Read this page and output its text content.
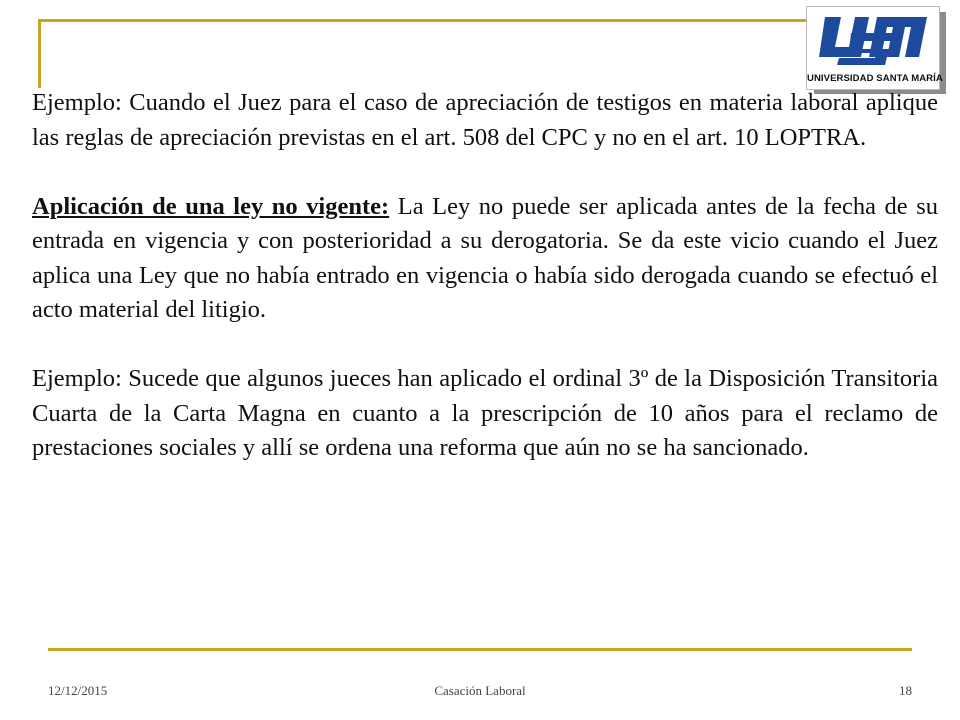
UNIVERSIDAD SANTA MARÍA

Ejemplo: Cuando el Juez para el caso de apreciación de testigos en materia laboral aplique las reglas de apreciación previstas en el art. 508 del CPC y no en el art. 10 LOPTRA.

Aplicación de una ley no vigente: La Ley no puede ser aplicada antes de la fecha de su entrada en vigencia y con posterioridad a su derogatoria. Se da este vicio cuando el Juez aplica una Ley que no había entrado en vigencia o había sido derogada cuando se efectuó el acto material del litigio.

Ejemplo: Sucede que algunos jueces han aplicado el ordinal 3º de la Disposición Transitoria Cuarta de la Carta Magna en cuanto a la prescripción de 10 años para el reclamo de prestaciones sociales y allí se ordena una reforma que aún no se ha sancionado.

12/12/2015	Casación Laboral	18
